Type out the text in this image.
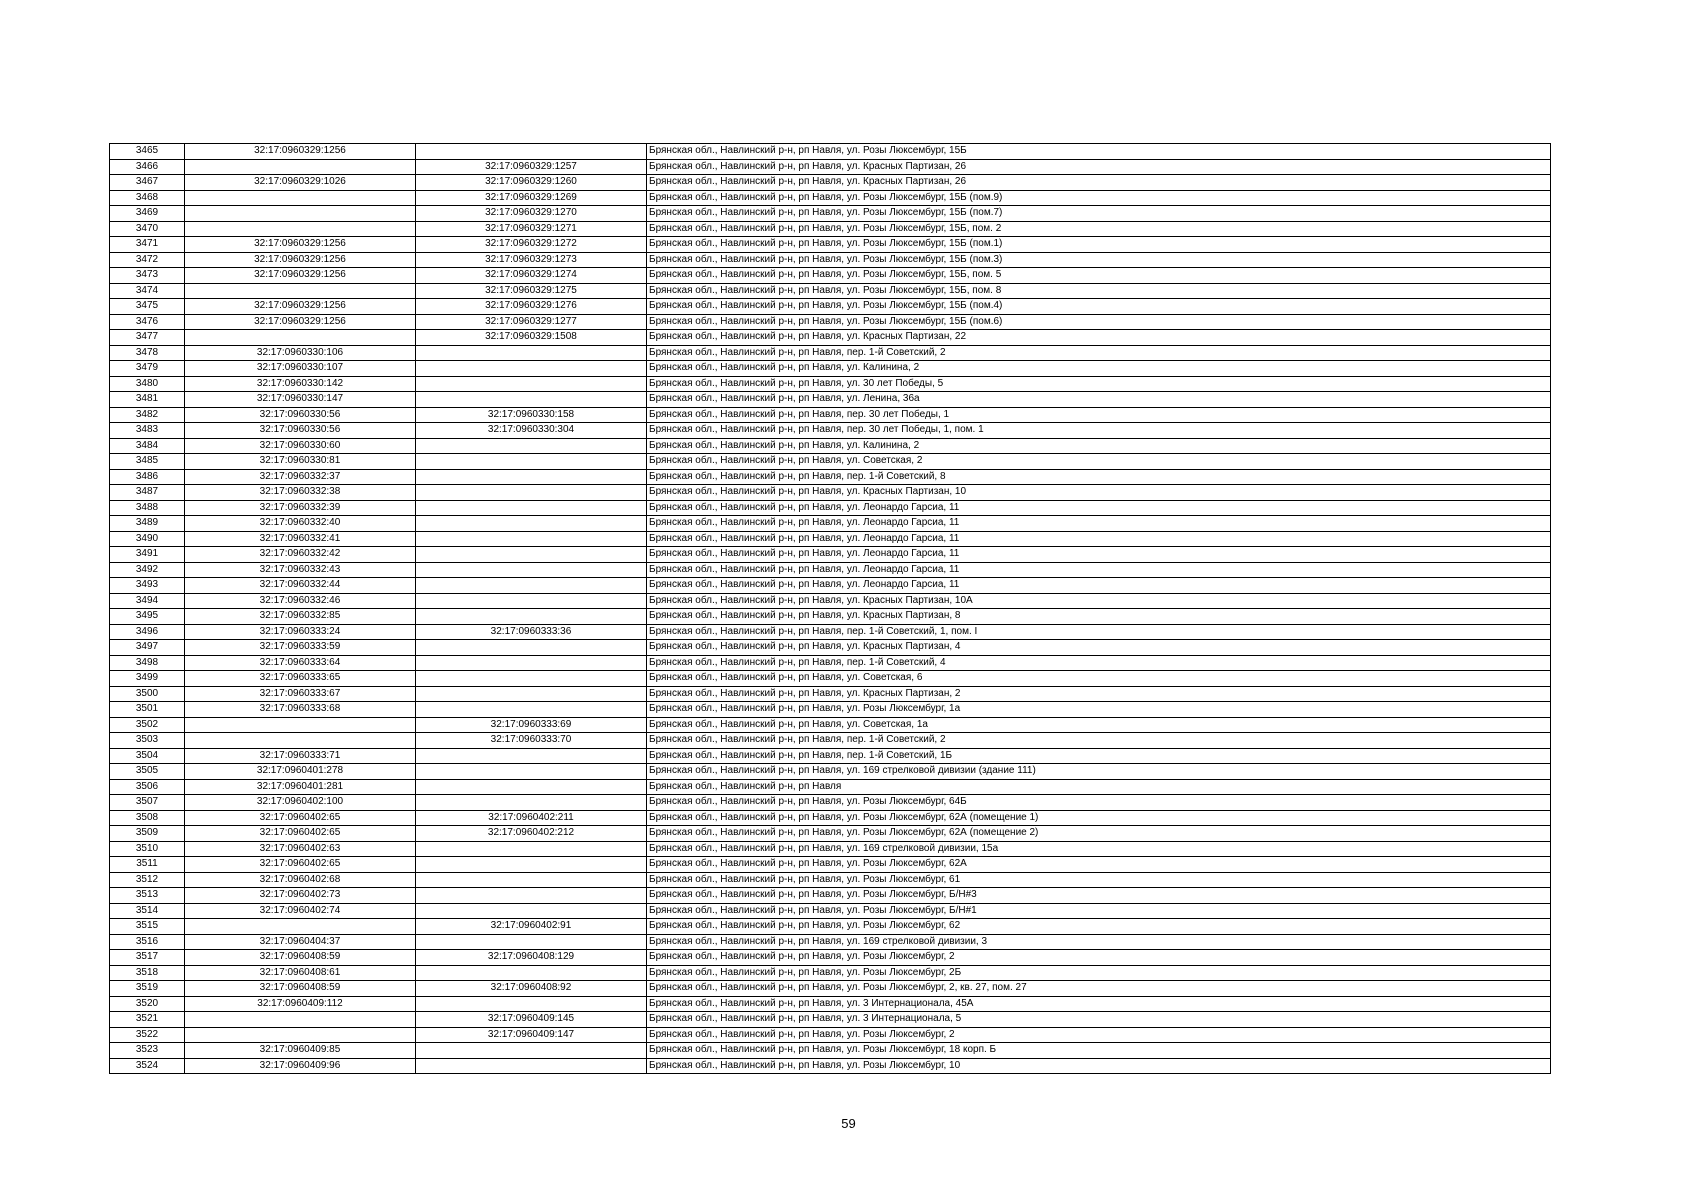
3465	32:17:0960329:1256		Брянская обл., Навлинский р-н, рп Навля, ул. Розы Люксембург, 15Б
3466		32:17:0960329:1257	Брянская обл., Навлинский р-н, рп Навля, ул. Красных Партизан, 26
3467	32:17:0960329:1026	32:17:0960329:1260	Брянская обл., Навлинский р-н, рп Навля, ул. Красных Партизан, 26
3468		32:17:0960329:1269	Брянская обл., Навлинский р-н, рп Навля, ул. Розы Люксембург, 15Б (пом.9)
3469		32:17:0960329:1270	Брянская обл., Навлинский р-н, рп Навля, ул. Розы Люксембург, 15Б (пом.7)
3470		32:17:0960329:1271	Брянская обл., Навлинский р-н, рп Навля, ул. Розы Люксембург, 15Б, пом. 2
3471	32:17:0960329:1256	32:17:0960329:1272	Брянская обл., Навлинский р-н, рп Навля, ул. Розы Люксембург, 15Б (пом.1)
3472	32:17:0960329:1256	32:17:0960329:1273	Брянская обл., Навлинский р-н, рп Навля, ул. Розы Люксембург, 15Б (пом.3)
3473	32:17:0960329:1256	32:17:0960329:1274	Брянская обл., Навлинский р-н, рп Навля, ул. Розы Люксембург, 15Б, пом. 5
3474		32:17:0960329:1275	Брянская обл., Навлинский р-н, рп Навля, ул. Розы Люксембург, 15Б, пом. 8
3475	32:17:0960329:1256	32:17:0960329:1276	Брянская обл., Навлинский р-н, рп Навля, ул. Розы Люксембург, 15Б (пом.4)
3476	32:17:0960329:1256	32:17:0960329:1277	Брянская обл., Навлинский р-н, рп Навля, ул. Розы Люксембург, 15Б (пом.6)
3477		32:17:0960329:1508	Брянская обл., Навлинский р-н, рп Навля, ул. Красных Партизан, 22
3478	32:17:0960330:106		Брянская обл., Навлинский р-н, рп Навля, пер. 1-й Советский, 2
3479	32:17:0960330:107		Брянская обл., Навлинский р-н, рп Навля, ул. Калинина, 2
3480	32:17:0960330:142		Брянская обл., Навлинский р-н, рп Навля, ул. 30 лет Победы, 5
3481	32:17:0960330:147		Брянская обл., Навлинский р-н, рп Навля, ул. Ленина, 36а
3482	32:17:0960330:56	32:17:0960330:158	Брянская обл., Навлинский р-н, рп Навля, пер. 30 лет Победы, 1
3483	32:17:0960330:56	32:17:0960330:304	Брянская обл., Навлинский р-н, рп Навля, пер. 30 лет Победы, 1, пом. 1
3484	32:17:0960330:60		Брянская обл., Навлинский р-н, рп Навля, ул. Калинина, 2
3485	32:17:0960330:81		Брянская обл., Навлинский р-н, рп Навля, ул. Советская, 2
3486	32:17:0960332:37		Брянская обл., Навлинский р-н, рп Навля, пер. 1-й Советский, 8
3487	32:17:0960332:38		Брянская обл., Навлинский р-н, рп Навля, ул. Красных Партизан, 10
3488	32:17:0960332:39		Брянская обл., Навлинский р-н, рп Навля, ул. Леонардо Гарсиа, 11
3489	32:17:0960332:40		Брянская обл., Навлинский р-н, рп Навля, ул. Леонардо Гарсиа, 11
3490	32:17:0960332:41		Брянская обл., Навлинский р-н, рп Навля, ул. Леонардо Гарсиа, 11
3491	32:17:0960332:42		Брянская обл., Навлинский р-н, рп Навля, ул. Леонардо Гарсиа, 11
3492	32:17:0960332:43		Брянская обл., Навлинский р-н, рп Навля, ул. Леонардо Гарсиа, 11
3493	32:17:0960332:44		Брянская обл., Навлинский р-н, рп Навля, ул. Леонардо Гарсиа, 11
3494	32:17:0960332:46		Брянская обл., Навлинский р-н, рп Навля, ул. Красных Партизан, 10А
3495	32:17:0960332:85		Брянская обл., Навлинский р-н, рп Навля, ул. Красных Партизан, 8
3496	32:17:0960333:24	32:17:0960333:36	Брянская обл., Навлинский р-н, рп Навля, пер. 1-й Советский, 1, пом. I
3497	32:17:0960333:59		Брянская обл., Навлинский р-н, рп Навля, ул. Красных Партизан, 4
3498	32:17:0960333:64		Брянская обл., Навлинский р-н, рп Навля, пер. 1-й Советский, 4
3499	32:17:0960333:65		Брянская обл., Навлинский р-н, рп Навля, ул. Советская, 6
3500	32:17:0960333:67		Брянская обл., Навлинский р-н, рп Навля, ул. Красных Партизан, 2
3501	32:17:0960333:68		Брянская обл., Навлинский р-н, рп Навля, ул. Розы Люксембург, 1а
3502		32:17:0960333:69	Брянская обл., Навлинский р-н, рп Навля, ул. Советская, 1а
3503		32:17:0960333:70	Брянская обл., Навлинский р-н, рп Навля, пер. 1-й Советский, 2
3504	32:17:0960333:71		Брянская обл., Навлинский р-н, рп Навля, пер. 1-й Советский, 1Б
3505	32:17:0960401:278		Брянская обл., Навлинский р-н, рп Навля, ул. 169 стрелковой дивизии (здание 111)
3506	32:17:0960401:281		Брянская обл., Навлинский р-н, рп Навля
3507	32:17:0960402:100		Брянская обл., Навлинский р-н, рп Навля, ул. Розы Люксембург, 64Б
3508	32:17:0960402:65	32:17:0960402:211	Брянская обл., Навлинский р-н, рп Навля, ул. Розы Люксембург, 62А (помещение 1)
3509	32:17:0960402:65	32:17:0960402:212	Брянская обл., Навлинский р-н, рп Навля, ул. Розы Люксембург, 62А (помещение 2)
3510	32:17:0960402:63		Брянская обл., Навлинский р-н, рп Навля, ул. 169 стрелковой дивизии, 15а
3511	32:17:0960402:65		Брянская обл., Навлинский р-н, рп Навля, ул. Розы Люксембург, 62А
3512	32:17:0960402:68		Брянская обл., Навлинский р-н, рп Навля, ул. Розы Люксембург, 61
3513	32:17:0960402:73		Брянская обл., Навлинский р-н, рп Навля, ул. Розы Люксембург, Б/Н#3
3514	32:17:0960402:74		Брянская обл., Навлинский р-н, рп Навля, ул. Розы Люксембург, Б/Н#1
3515		32:17:0960402:91	Брянская обл., Навлинский р-н, рп Навля, ул. Розы Люксембург, 62
3516	32:17:0960404:37		Брянская обл., Навлинский р-н, рп Навля, ул. 169 стрелковой дивизии, 3
3517	32:17:0960408:59	32:17:0960408:129	Брянская обл., Навлинский р-н, рп Навля, ул. Розы Люксембург, 2
3518	32:17:0960408:61		Брянская обл., Навлинский р-н, рп Навля, ул. Розы Люксембург, 2Б
3519	32:17:0960408:59	32:17:0960408:92	Брянская обл., Навлинский р-н, рп Навля, ул. Розы Люксембург, 2, кв. 27, пом. 27
3520	32:17:0960409:112		Брянская обл., Навлинский р-н, рп Навля, ул. 3 Интернационала, 45А
3521		32:17:0960409:145	Брянская обл., Навлинский р-н, рп Навля, ул. 3 Интернационала, 5
3522		32:17:0960409:147	Брянская обл., Навлинский р-н, рп Навля, ул. Розы Люксембург, 2
3523	32:17:0960409:85		Брянская обл., Навлинский р-н, рп Навля, ул. Розы Люксембург, 18 корп. Б
3524	32:17:0960409:96		Брянская обл., Навлинский р-н, рп Навля, ул. Розы Люксембург, 10
59
